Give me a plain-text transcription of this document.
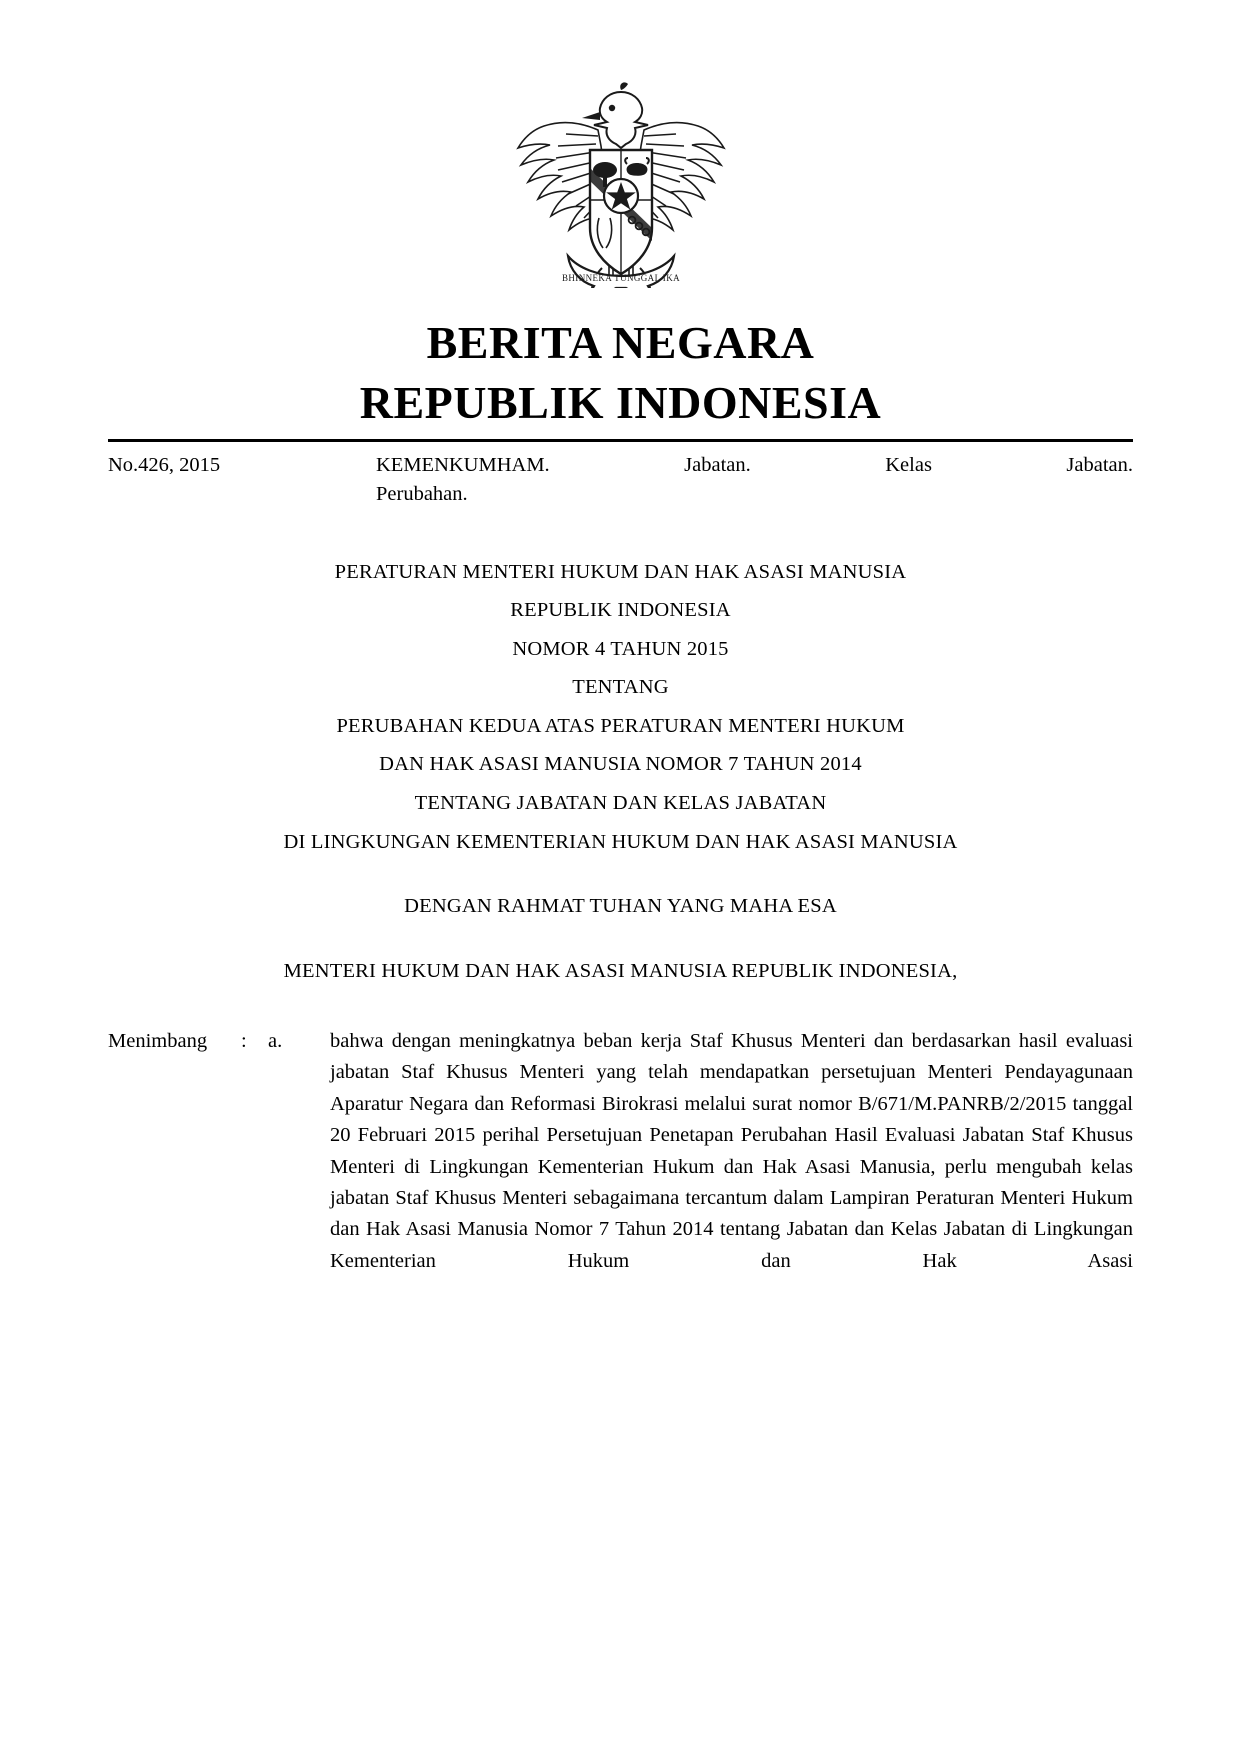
BHINNEKA TUNGGAL IKA
BERITA NEGARA
REPUBLIK INDONESIA
No.426, 2015	KEMENKUMHAM. Jabatan. Kelas Jabatan.
Perubahan.
PERATURAN MENTERI HUKUM DAN HAK ASASI MANUSIA
REPUBLIK INDONESIA
NOMOR 4 TAHUN 2015
TENTANG
PERUBAHAN KEDUA ATAS PERATURAN MENTERI HUKUM
DAN HAK ASASI MANUSIA NOMOR 7 TAHUN 2014
TENTANG JABATAN DAN KELAS JABATAN
DI LINGKUNGAN KEMENTERIAN HUKUM DAN HAK ASASI MANUSIA
DENGAN RAHMAT TUHAN YANG MAHA ESA
MENTERI HUKUM DAN HAK ASASI MANUSIA REPUBLIK INDONESIA,
Menimbang : a.	bahwa dengan meningkatnya beban kerja Staf Khusus Menteri dan berdasarkan hasil evaluasi jabatan Staf Khusus Menteri yang telah mendapatkan persetujuan Menteri Pendayagunaan Aparatur Negara dan Reformasi Birokrasi melalui surat nomor B/671/M.PANRB/2/2015 tanggal 20 Februari 2015 perihal Persetujuan Penetapan Perubahan Hasil Evaluasi Jabatan Staf Khusus Menteri di Lingkungan Kementerian Hukum dan Hak Asasi Manusia, perlu mengubah kelas jabatan Staf Khusus Menteri sebagaimana tercantum dalam Lampiran Peraturan Menteri Hukum dan Hak Asasi Manusia Nomor 7 Tahun 2014 tentang Jabatan dan Kelas Jabatan di Lingkungan Kementerian Hukum dan Hak Asasi
